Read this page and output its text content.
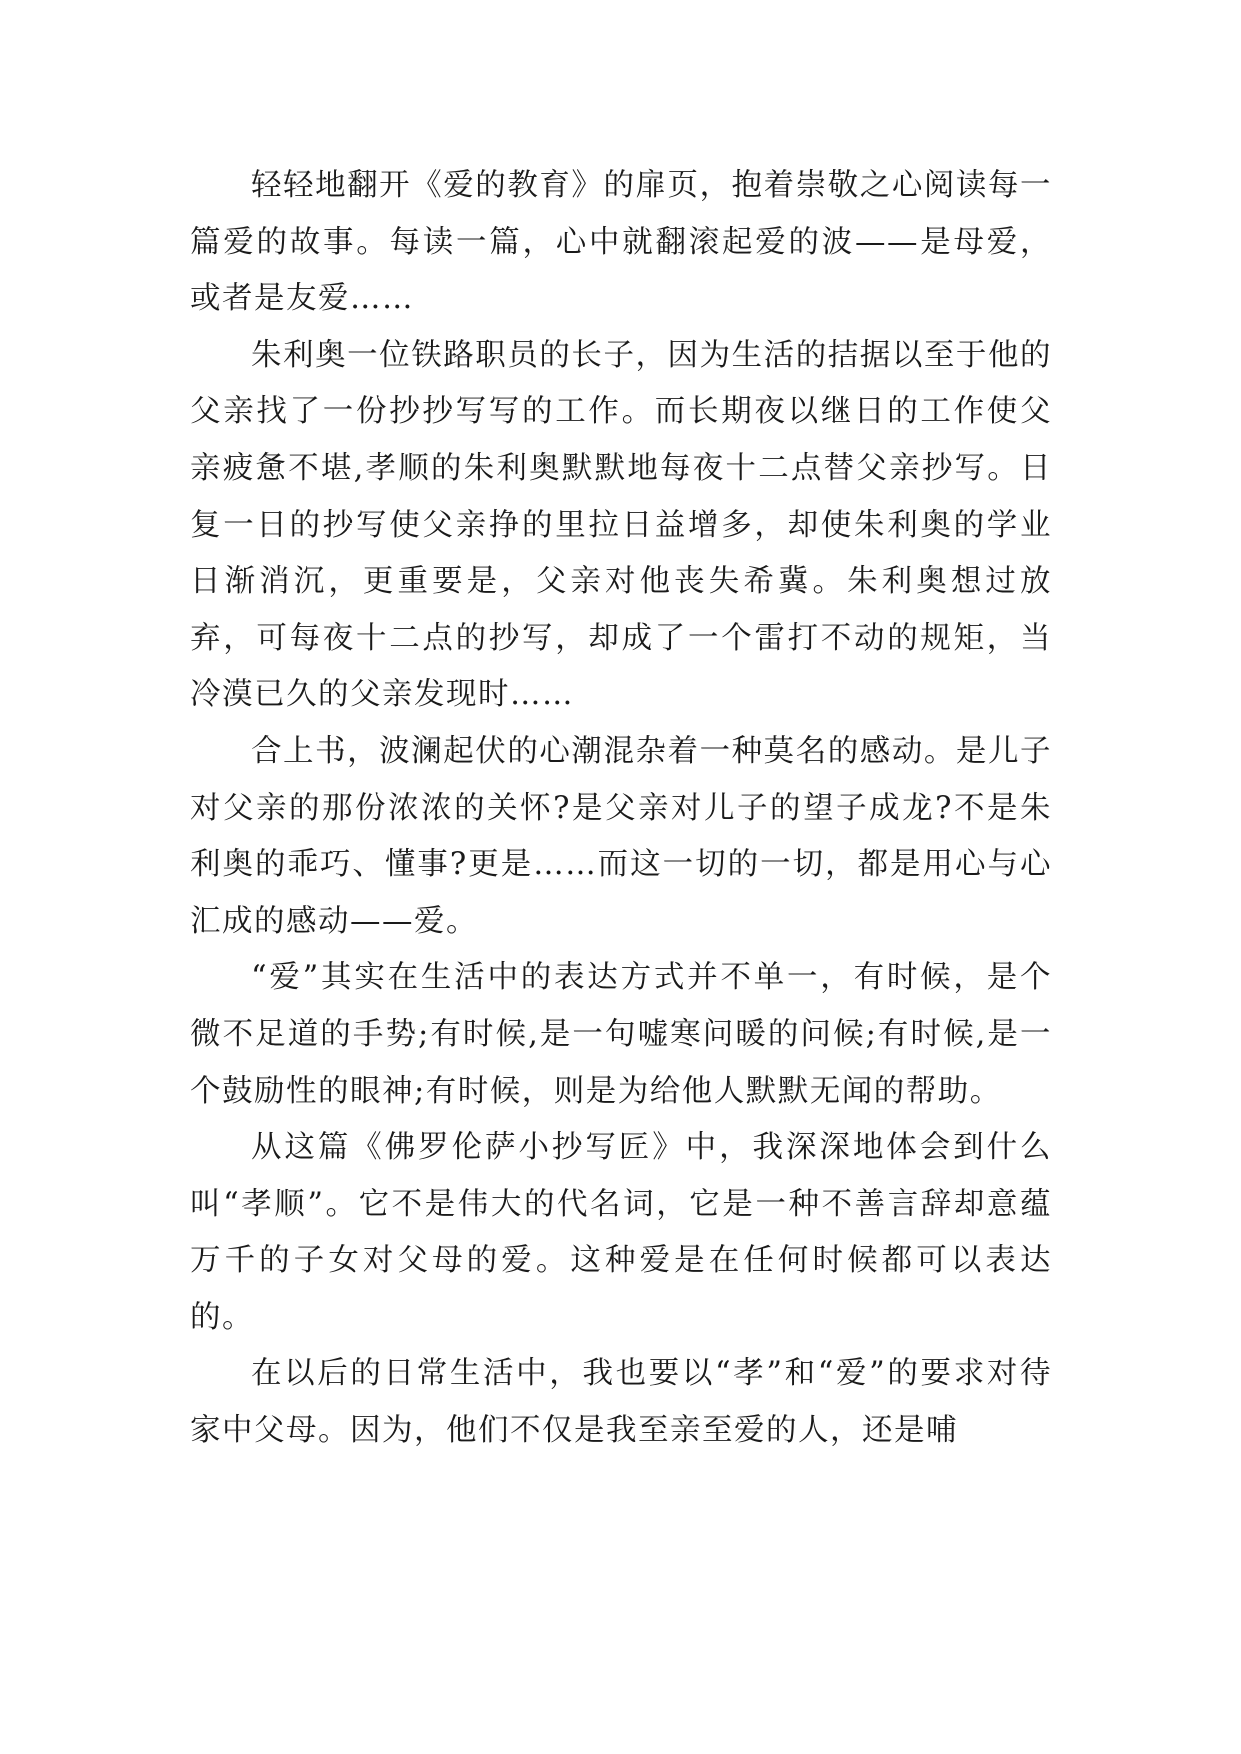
轻轻地翻开《爱的教育》的扉页，抱着崇敬之心阅读每一篇爱的故事。每读一篇，心中就翻滚起爱的波——是母爱，或者是友爱……

朱利奥一位铁路职员的长子，因为生活的拮据以至于他的父亲找了一份抄抄写写的工作。而长期夜以继日的工作使父亲疲惫不堪,孝顺的朱利奥默默地每夜十二点替父亲抄写。日复一日的抄写使父亲挣的里拉日益增多，却使朱利奥的学业日渐消沉，更重要是，父亲对他丧失希冀。朱利奥想过放弃，可每夜十二点的抄写，却成了一个雷打不动的规矩，当冷漠已久的父亲发现时……

合上书，波澜起伏的心潮混杂着一种莫名的感动。是儿子对父亲的那份浓浓的关怀?是父亲对儿子的望子成龙?不是朱利奥的乖巧、懂事?更是……而这一切的一切，都是用心与心汇成的感动——爱。

“爱”其实在生活中的表达方式并不单一，有时候，是个微不足道的手势;有时候,是一句嘘寒问暖的问候;有时候,是一个鼓励性的眼神;有时候，则是为给他人默默无闻的帮助。

从这篇《佛罗伦萨小抄写匠》中，我深深地体会到什么叫“孝顺”。它不是伟大的代名词，它是一种不善言辞却意蕴万千的子女对父母的爱。这种爱是在任何时候都可以表达的。

在以后的日常生活中，我也要以“孝”和“爱”的要求对待家中父母。因为，他们不仅是我至亲至爱的人，还是哺
